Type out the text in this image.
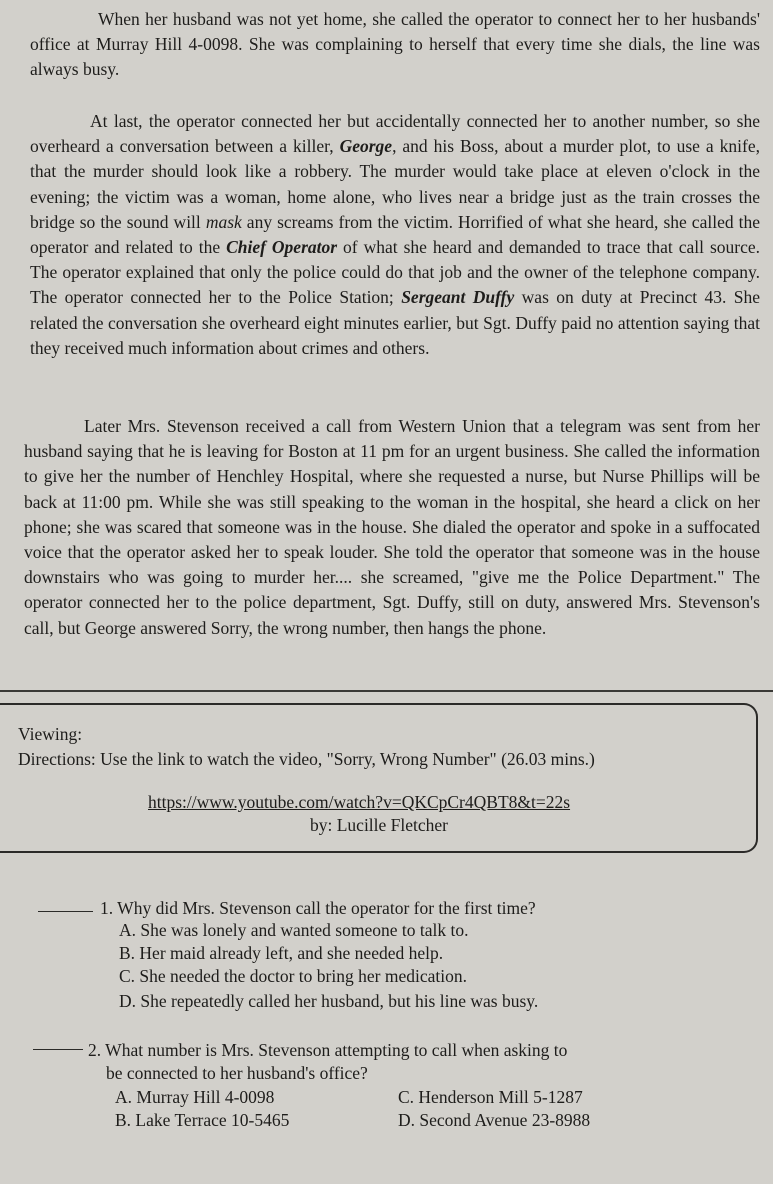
When her husband was not yet home, she called the operator to connect her to her husbands' office at Murray Hill 4-0098. She was complaining to herself that every time she dials, the line was always busy.

At last, the operator connected her but accidentally connected her to another number, so she overheard a conversation between a killer, George, and his Boss, about a murder plot, to use a knife, that the murder should look like a robbery. The murder would take place at eleven o'clock in the evening; the victim was a woman, home alone, who lives near a bridge just as the train crosses the bridge so the sound will mask any screams from the victim. Horrified of what she heard, she called the operator and related to the Chief Operator of what she heard and demanded to trace that call source. The operator explained that only the police could do that job and the owner of the telephone company. The operator connected her to the Police Station; Sergeant Duffy was on duty at Precinct 43. She related the conversation she overheard eight minutes earlier, but Sgt. Duffy paid no attention saying that they received much information about crimes and others.

Later Mrs. Stevenson received a call from Western Union that a telegram was sent from her husband saying that he is leaving for Boston at 11 pm for an urgent business. She called the information to give her the number of Henchley Hospital, where she requested a nurse, but Nurse Phillips will be back at 11:00 pm. While she was still speaking to the woman in the hospital, she heard a click on her phone; she was scared that someone was in the house. She dialed the operator and spoke in a suffocated voice that the operator asked her to speak louder. She told the operator that someone was in the house downstairs who was going to murder her.... she screamed, "give me the Police Department." The operator connected her to the police department, Sgt. Duffy, still on duty, answered Mrs. Stevenson's call, but George answered Sorry, the wrong number, then hangs the phone.

Viewing:

Directions: Use the link to watch the video, "Sorry, Wrong Number" (26.03 mins.)

https://www.youtube.com/watch?v=QKCpCr4QBT8&t=22s

by: Lucille Fletcher

1. Why did Mrs. Stevenson call the operator for the first time?

A. She was lonely and wanted someone to talk to.

B. Her maid already left, and she needed help.

C. She needed the doctor to bring her medication.

D. She repeatedly called her husband, but his line was busy.

2. What number is Mrs. Stevenson attempting to call when asking to

be connected to her husband's office?

A. Murray Hill 4-0098

B. Lake Terrace 10-5465

C. Henderson Mill 5-1287

D. Second Avenue 23-8988
